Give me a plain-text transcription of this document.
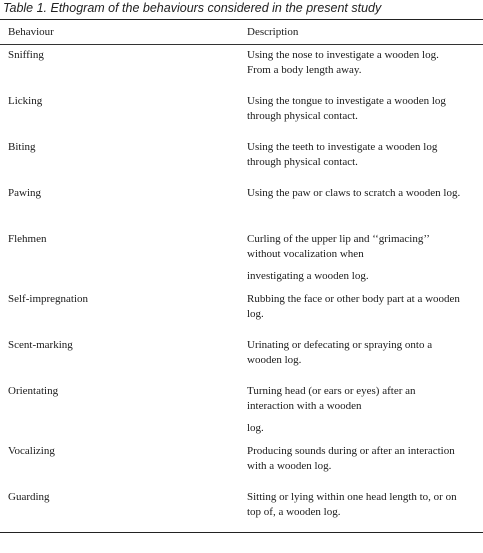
Table 1. Ethogram of the behaviours considered in the present study
Behaviour	Description
Sniffing	Using the nose to investigate a wooden log.
From a body length away.
Licking	Using the tongue to investigate a wooden log
through physical contact.
Biting	Using the teeth to investigate a wooden log
through physical contact.
Pawing	Using the paw or claws to scratch a wooden log.
Flehmen	Curling of the upper lip and ‘‘grimacing’’
without vocalization when
investigating a wooden log.
Self-impregnation	Rubbing the face or other body part at a wooden
log.
Scent-marking	Urinating or defecating or spraying onto a
wooden log.
Orientating	Turning head (or ears or eyes) after an
interaction with a wooden
log.
Vocalizing	Producing sounds during or after an interaction
with a wooden log.
Guarding	Sitting or lying within one head length to, or on
top of, a wooden log.
